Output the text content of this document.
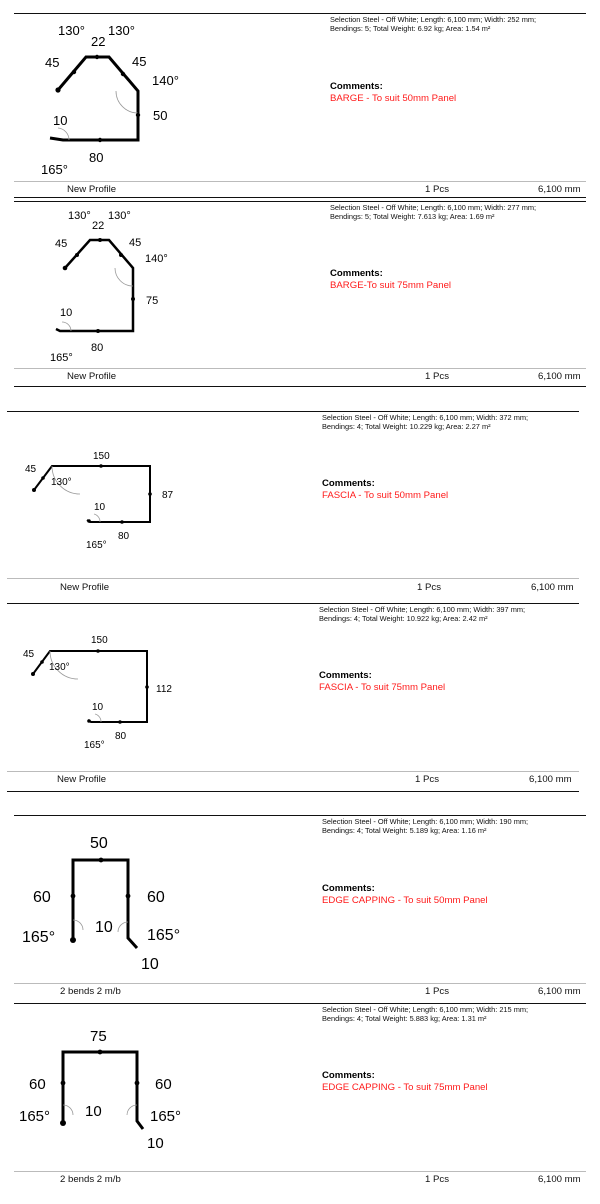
130°
22
130°
45	45
140°
50
10
80
165°
Selection Steel - Off White; Length: 6,100 mm; Width: 252 mm;
Bendings: 5; Total Weight: 6.92 kg; Area: 1.54 m²
Comments:
BARGE - To suit 50mm Panel
New Profile	1 Pcs	6,100 mm
130°
22
130°
45	45
140°
75
10
80
165°
Selection Steel - Off White; Length: 6,100 mm; Width: 277 mm;
Bendings: 5; Total Weight: 7.613 kg; Area: 1.69 m²
Comments:
BARGE-To suit 75mm Panel
New Profile	1 Pcs	6,100 mm
45
150
130°
87
10
80
165°
Selection Steel - Off White; Length: 6,100 mm; Width: 372 mm;
Bendings: 4; Total Weight: 10.229 kg; Area: 2.27 m²
Comments:
FASCIA - To suit 50mm Panel
New Profile	1 Pcs	6,100 mm
45
150
130°
112
10
80
165°
Selection Steel - Off White; Length: 6,100 mm; Width: 397 mm;
Bendings: 4; Total Weight: 10.922 kg; Area: 2.42 m²
Comments:
FASCIA - To suit 75mm Panel
New Profile	1 Pcs	6,100 mm
50
60	60
165°
10 165°
10
Selection Steel - Off White; Length: 6,100 mm; Width: 190 mm;
Bendings: 4; Total Weight: 5.189 kg; Area: 1.16 m²
Comments:
EDGE CAPPING - To suit 50mm Panel
2 bends 2 m/b	1 Pcs	6,100 mm
75
60	60
165° 10	165°
10
Selection Steel - Off White; Length: 6,100 mm; Width: 215 mm;
Bendings: 4; Total Weight: 5.883 kg; Area: 1.31 m²
Comments:
EDGE CAPPING - To suit 75mm Panel
2 bends 2 m/b	1 Pcs	6,100 mm
